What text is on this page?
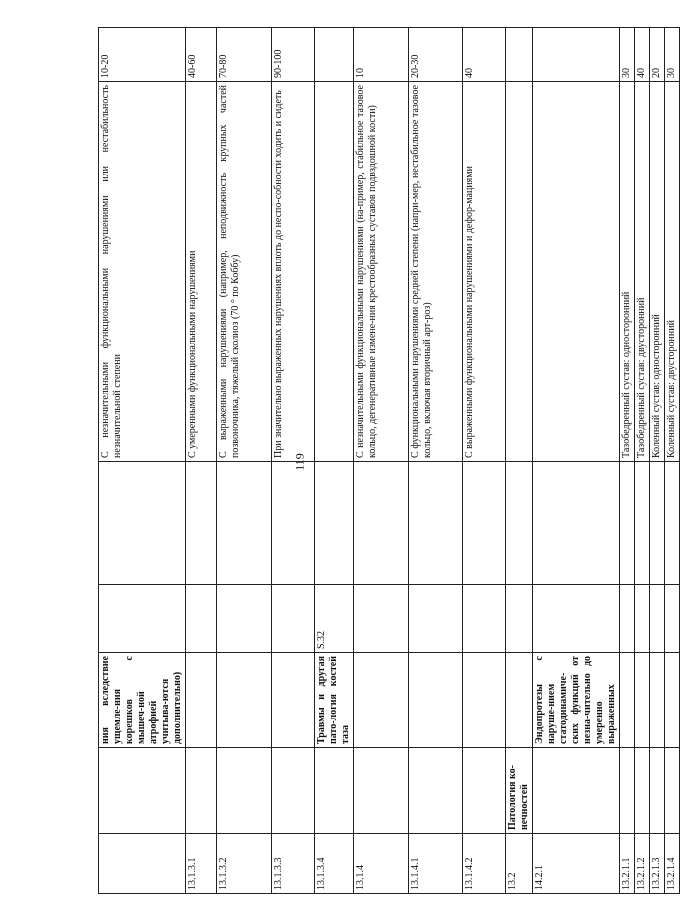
119
		ния вследствие ущемле-ния корешков с мышеч-ной атрофией учитыва-ются дополнительно)			С незначительными функциональными нарушениями или нестабильность незначительной степени	10-20
13.1.3.1					С умеренными функциональными нарушениями	40-60
13.1.3.2					С выраженными нарушениями (например, неподвижность крупных частей позвоночника, тяжелый сколиоз (70 ° по Коббу)	70-80
13.1.3.3					При значительно выраженных нарушениях вплоть до неспо-собности ходить и сидеть	90-100
13.1.3.4		Травмы и другая пато-логия костей таза	S.32			
13.1.4					С незначительными функциональными нарушениями (на-пример, стабильное тазовое кольцо, дегенеративные измене-ния крестообразных суставов подвздошной кости)	10
13.1.4.1					С функциональными нарушениями средней степени (напри-мер, нестабильное тазовое кольцо, включая вторичный арт-роз)	20-30
13.1.4.2					С выраженными функциональными нарушениями и дефор-мациями	40
13.2	Патология ко-нечностей					
14.2.1		Эндопротезы с наруше-нием статодинамиче-ских функций от незна-чительно до умеренно выраженных				
13.2.1.1					Тазобедренный сустав: односторонний	30
13.2.1.2					Тазобедренный сустав: двусторонний	40
13.2.1.3					Коленный сустав: односторонний	20
13.2.1.4					Коленный сустав: двусторонний	30
